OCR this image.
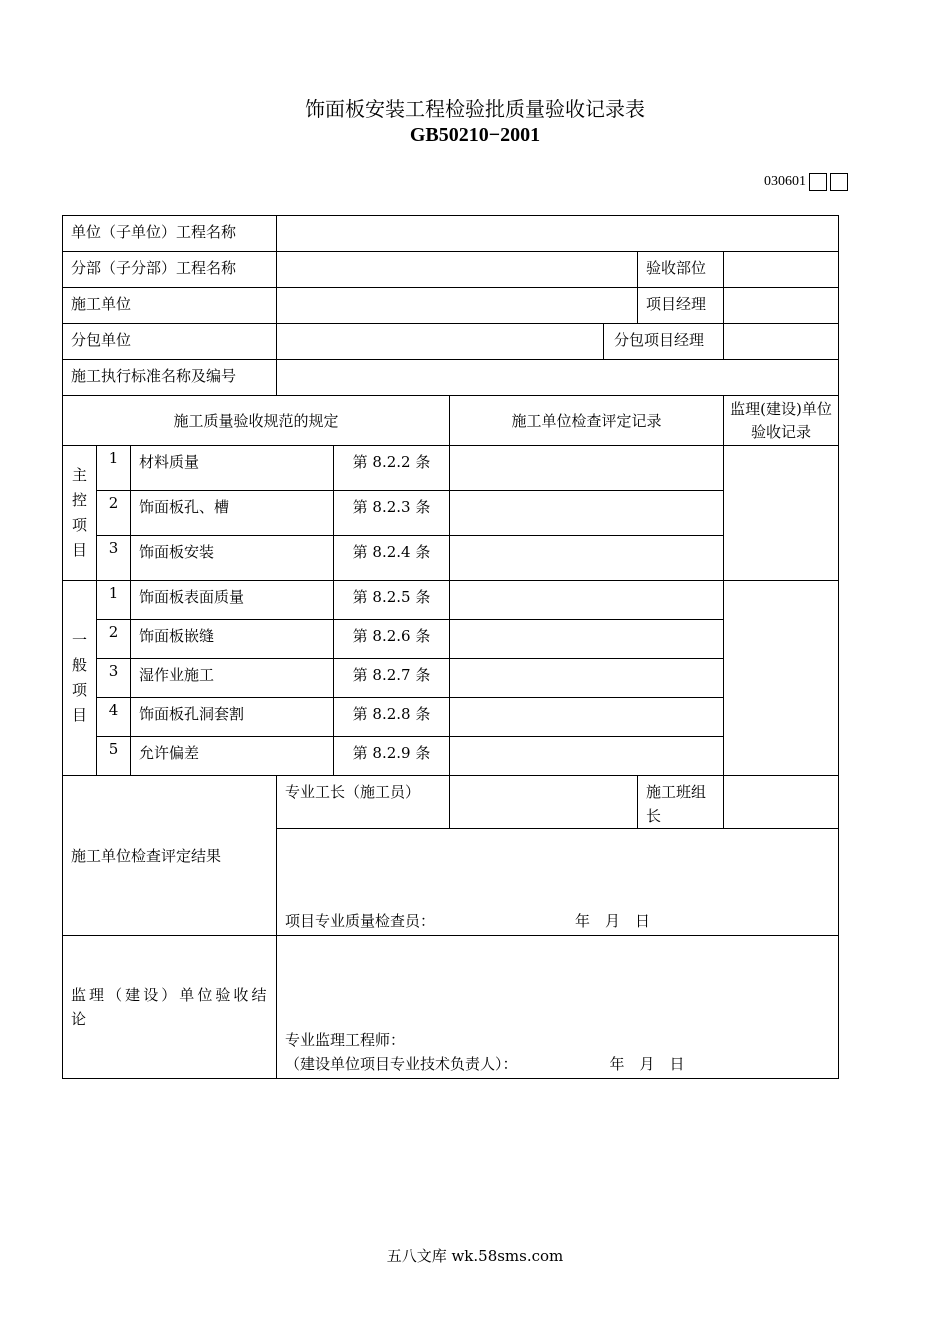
饰面板安装工程检验批质量验收记录表
GB50210−2001
030601
单位（子单位）工程名称								
分部（子分部）工程名称							验收部位	
施工单位							项目经理	
分包单位						分包项目经理		
施工执行标准名称及编号								
施工质量验收规范的规定					施工单位检查评定记录			监理(建设)单位验收记录

主
控
项
目	1	材料质量		第 8.2.2 条				
	2	饰面板孔、槽		第 8.2.3 条				
	3	饰面板安装		第 8.2.4 条				

一
般
项
目	1	饰面板表面质量		第 8.2.5 条				
	2	饰面板嵌缝		第 8.2.6 条				
	3	湿作业施工		第 8.2.7 条				
	4	饰面板孔洞套割		第 8.2.8 条				
	5	允许偏差		第 8.2.9 条				
施工单位检查评定结果			专业工长（施工员）				施工班组长	
			项目专业质量检查员： 年　月　日					
监理（建设）单位验收结论			专业监理工程师：
（建设单位项目专业技术负责人）： 年　月　日					
五八文库 wk.58sms.com
